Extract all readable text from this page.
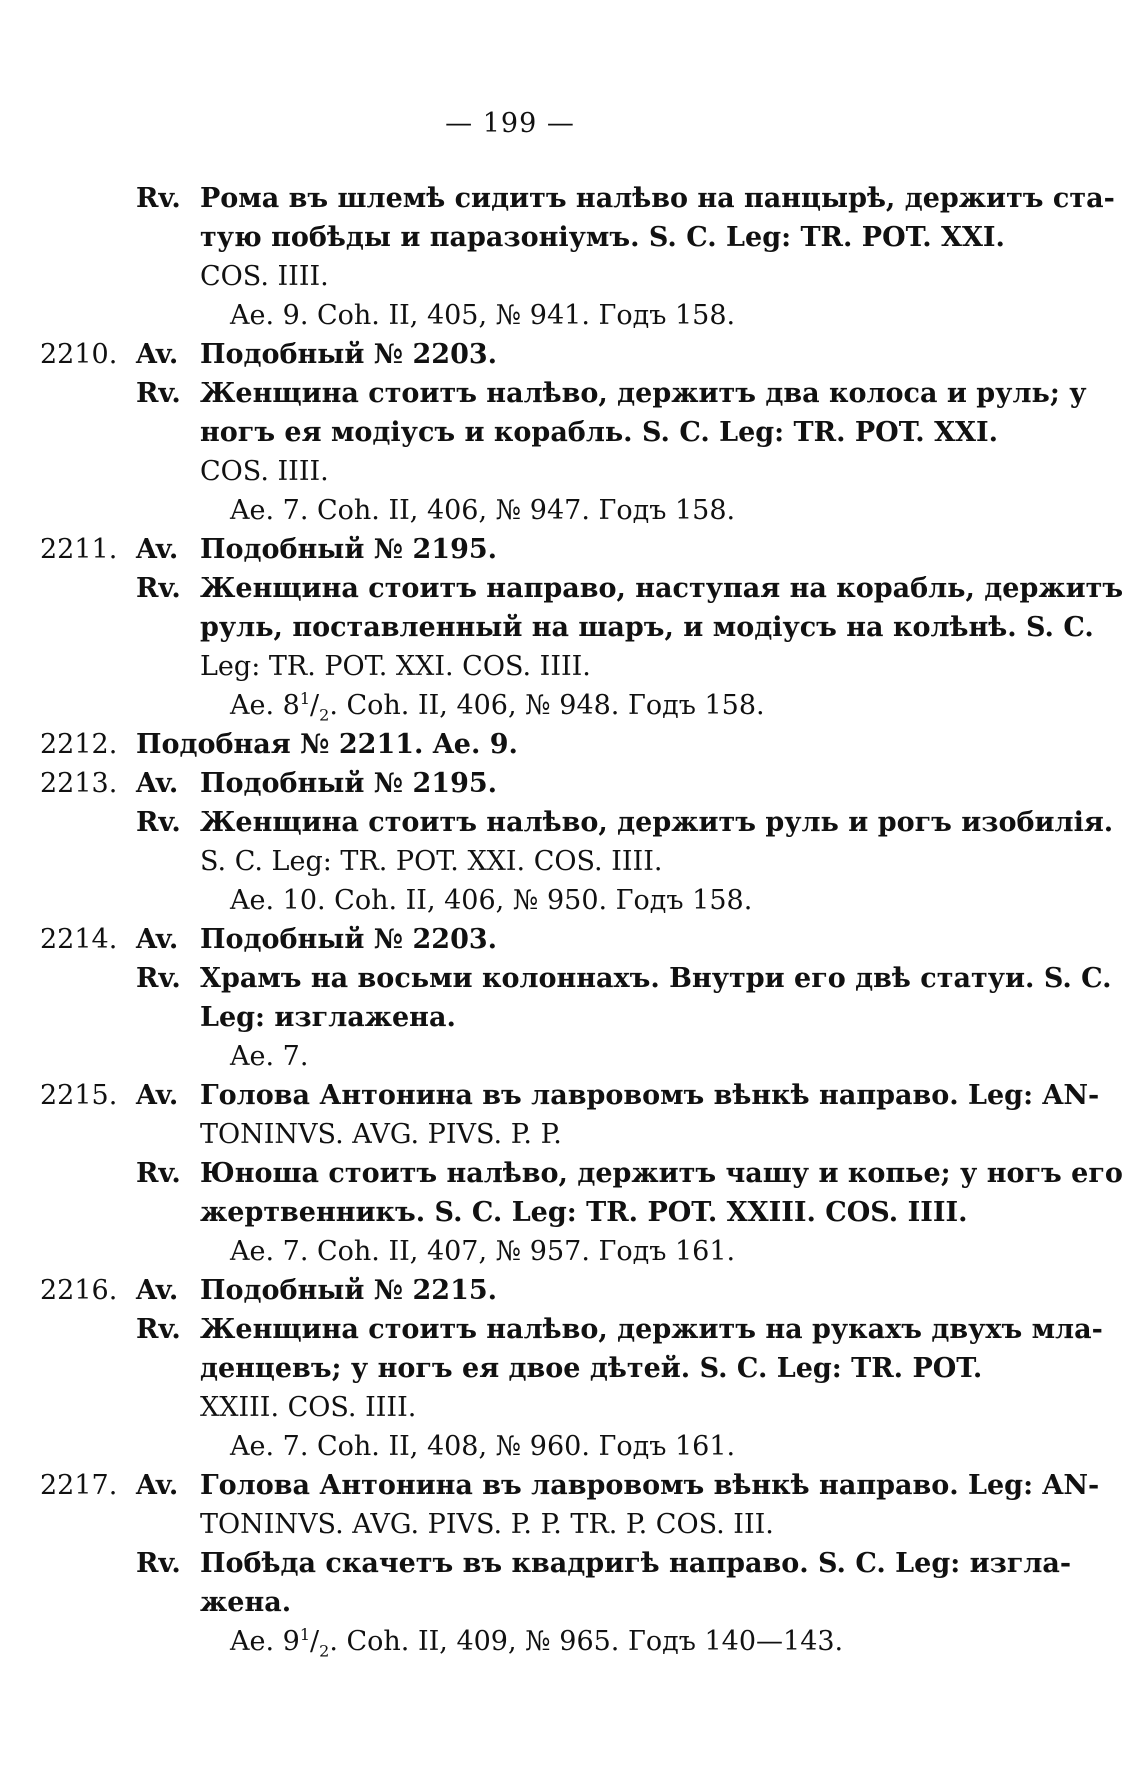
— 199 —
Rv. Рома въ шлемѣ сидитъ налѣво на панцырѣ, держитъ ста-
тую побѣды и паразоніумъ. S. C. Leg: TR. POT. XXI.
COS. IIII.
Ae. 9. Coh. II, 405, № 941. Годъ 158.
2210. Av. Подобный № 2203.
Rv. Женщина стоитъ налѣво, держитъ два колоса и руль; у
ногъ ея модіусъ и корабль. S. C. Leg: TR. POT. XXI.
COS. IIII.
Ae. 7. Coh. II, 406, № 947. Годъ 158.
2211. Av. Подобный № 2195.
Rv. Женщина стоитъ направо, наступая на корабль, держитъ
руль, поставленный на шаръ, и модіусъ на колѣнѣ. S. C.
Leg: TR. POT. XXI. COS. IIII.
Ae. $8^1/_2$. Coh. II, 406, № 948. Годъ 158.
2212. Подобная № 2211. Ae. 9.
2213. Av. Подобный № 2195.
Rv. Женщина стоитъ налѣво, держитъ руль и рогъ изобилія.
S. C. Leg: TR. POT. XXI. COS. IIII.
Ae. 10. Coh. II, 406, № 950. Годъ 158.
2214. Av. Подобный № 2203.
Rv. Храмъ на восьми колоннахъ. Внутри его двѣ статуи. S. C.
Leg: изглажена.
Ae. 7.
2215. Av. Голова Антонина въ лавровомъ вѣнкѣ направо. Leg: AN-
TONINVS. AVG. PIVS. P. P.
Rv. Юноша стоитъ налѣво, держитъ чашу и копье; у ногъ его
жертвенникъ. S. C. Leg: TR. POT. XXIII. COS. IIII.
Ae. 7. Coh. II, 407, № 957. Годъ 161.
2216. Av. Подобный № 2215.
Rv. Женщина стоитъ налѣво, держитъ на рукахъ двухъ мла-
денцевъ; у ногъ ея двое дѣтей. S. C. Leg: TR. POT.
XXIII. COS. IIII.
Ae. 7. Coh. II, 408, № 960. Годъ 161.
2217. Av. Голова Антонина въ лавровомъ вѣнкѣ направо. Leg: AN-
TONINVS. AVG. PIVS. P. P. TR. P. COS. III.
Rv. Побѣда скачетъ въ квадригѣ направо. S. C. Leg: изгла-
жена.
Ae. $9^1/_2$. Coh. II, 409, № 965. Годъ 140—143.
